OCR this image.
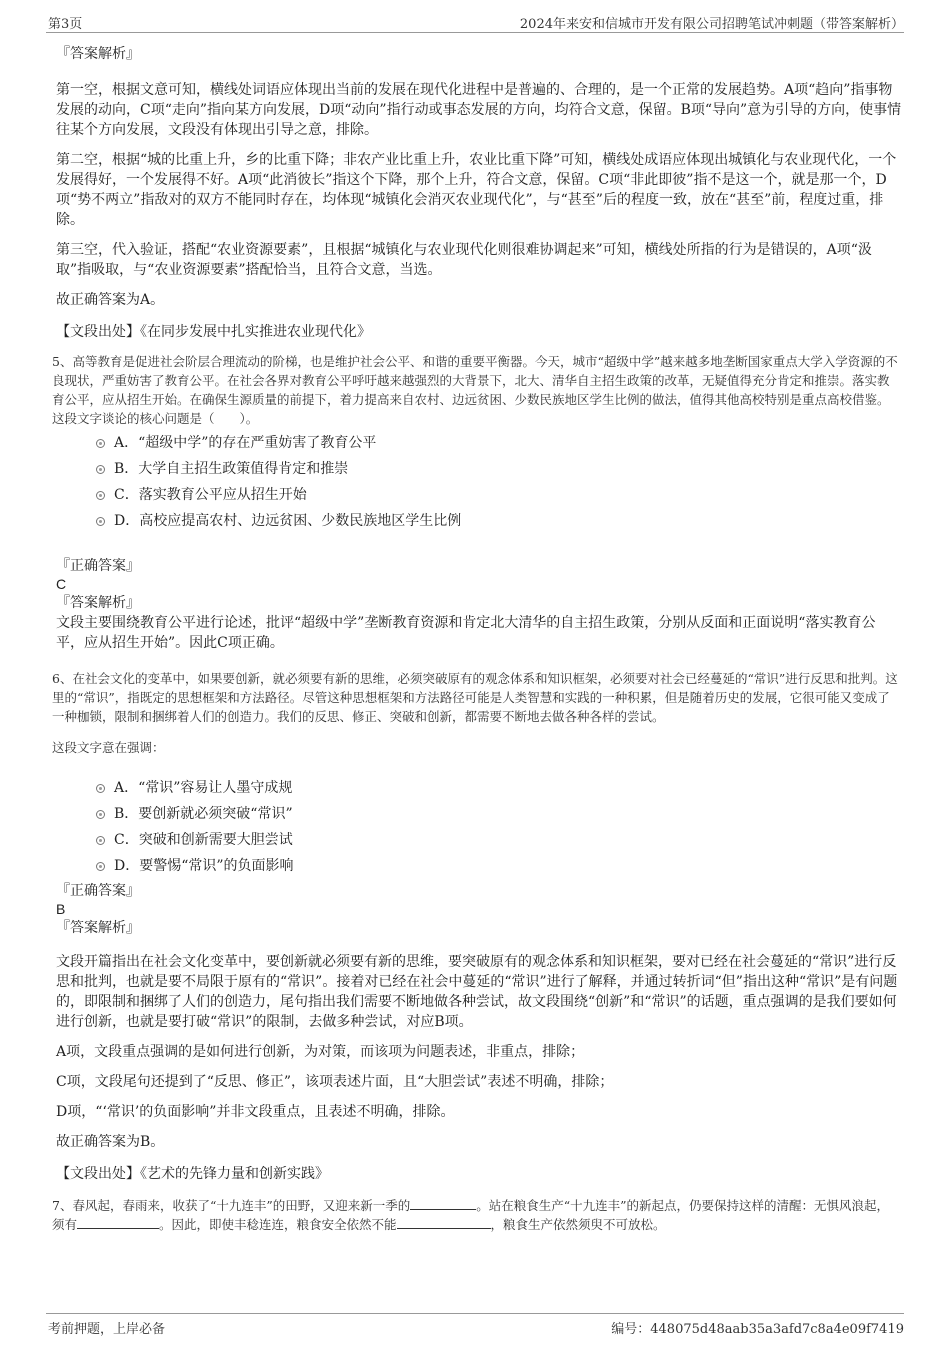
第3页	2024年来安和信城市开发有限公司招聘笔试冲刺题（带答案解析）

『答案解析』

第一空，根据文意可知，横线处词语应体现出当前的发展在现代化进程中是普遍的、合理的，是一个正常的发展趋势。A项“趋向”指事物发展的动向，C项“走向”指向某方向发展，D项“动向”指行动或事态发展的方向，均符合文意，保留。B项“导向”意为引导的方向，使事情往某个方向发展，文段没有体现出引导之意，排除。

第二空，根据“城的比重上升，乡的比重下降；非农产业比重上升，农业比重下降”可知，横线处成语应体现出城镇化与农业现代化，一个发展得好，一个发展得不好。A项“此消彼长”指这个下降，那个上升，符合文意，保留。C项“非此即彼”指不是这一个，就是那一个，D项“势不两立”指敌对的双方不能同时存在，均体现“城镇化会消灭农业现代化”，与“甚至”后的程度一致，放在“甚至”前，程度过重，排除。

第三空，代入验证，搭配“农业资源要素”，且根据“城镇化与农业现代化则很难协调起来”可知，横线处所指的行为是错误的，A项“汲取”指吸取，与“农业资源要素”搭配恰当，且符合文意，当选。

故正确答案为A。

【文段出处】《在同步发展中扎实推进农业现代化》

5、高等教育是促进社会阶层合理流动的阶梯，也是维护社会公平、和谐的重要平衡器。今天，城市“超级中学”越来越多地垄断国家重点大学入学资源的不良现状，严重妨害了教育公平。在社会各界对教育公平呼吁越来越强烈的大背景下，北大、清华自主招生政策的改革，无疑值得充分肯定和推崇。落实教育公平，应从招生开始。在确保生源质量的前提下，着力提高来自农村、边远贫困、少数民族地区学生比例的做法，值得其他高校特别是重点高校借鉴。

这段文字谈论的核心问题是（　　）。

A．“超级中学”的存在严重妨害了教育公平
B．大学自主招生政策值得肯定和推崇
C．落实教育公平应从招生开始
D．高校应提高农村、边远贫困、少数民族地区学生比例

『正确答案』

C

『答案解析』

文段主要围绕教育公平进行论述，批评“超级中学”垄断教育资源和肯定北大清华的自主招生政策，分别从反面和正面说明“落实教育公平，应从招生开始”。因此C项正确。

6、在社会文化的变革中，如果要创新，就必须要有新的思维，必须突破原有的观念体系和知识框架，必须要对社会已经蔓延的“常识”进行反思和批判。这里的“常识”，指既定的思想框架和方法路径。尽管这种思想框架和方法路径可能是人类智慧和实践的一种积累，但是随着历史的发展，它很可能又变成了一种枷锁，限制和捆绑着人们的创造力。我们的反思、修正、突破和创新，都需要不断地去做各种各样的尝试。

这段文字意在强调：

A．“常识”容易让人墨守成规
B．要创新就必须突破“常识”
C．突破和创新需要大胆尝试
D．要警惕“常识”的负面影响

『正确答案』

B

『答案解析』

文段开篇指出在社会文化变革中，要创新就必须要有新的思维，要突破原有的观念体系和知识框架，要对已经在社会蔓延的“常识”进行反思和批判，也就是要不局限于原有的“常识”。接着对已经在社会中蔓延的“常识”进行了解释，并通过转折词“但”指出这种“常识”是有问题的，即限制和捆绑了人们的创造力，尾句指出我们需要不断地做各种尝试，故文段围绕“创新”和“常识”的话题，重点强调的是我们要如何进行创新，也就是要打破“常识”的限制，去做多种尝试，对应B项。

A项，文段重点强调的是如何进行创新，为对策，而该项为问题表述，非重点，排除；

C项，文段尾句还提到了“反思、修正”，该项表述片面，且“大胆尝试”表述不明确，排除；

D项，“‘常识’的负面影响”并非文段重点，且表述不明确，排除。

故正确答案为B。

【文段出处】《艺术的先锋力量和创新实践》

7、春风起，春雨来，收获了“十九连丰”的田野，又迎来新一季的	。站在粮食生产“十九连丰”的新起点，仍要保持这样的清醒：无惧风浪起，须有	。因此，即使丰稔连连，粮食安全依然不能	，粮食生产依然须臾不可放松。

考前押题，上岸必备	编号：448075d48aab35a3afd7c8a4e09f7419
